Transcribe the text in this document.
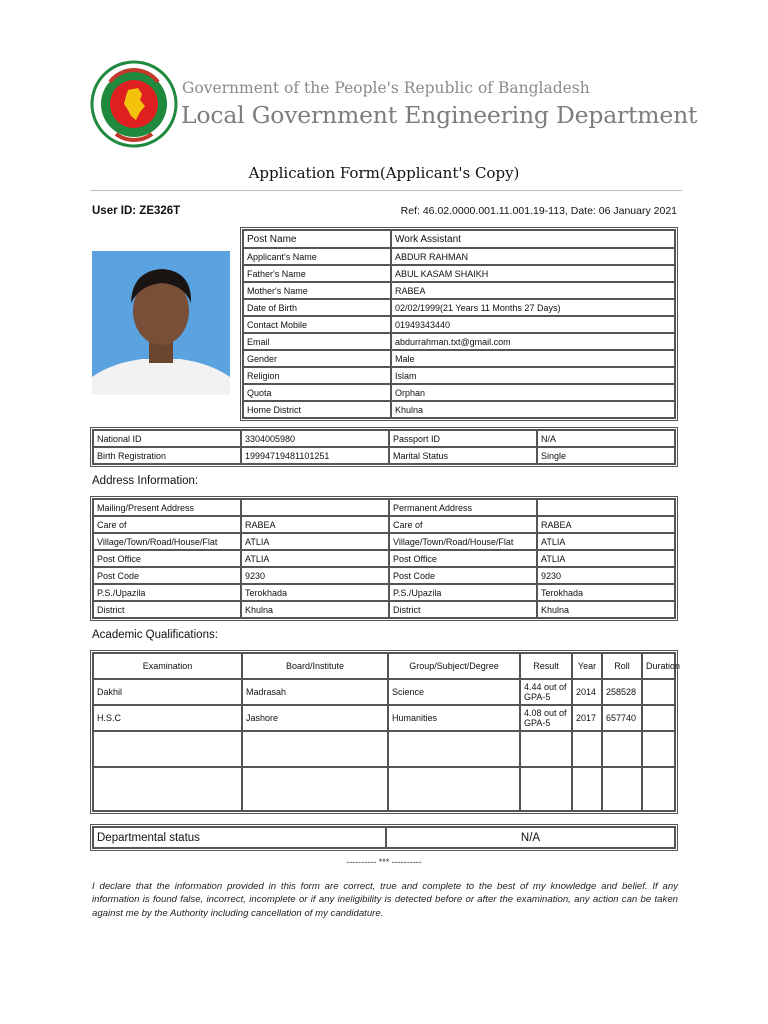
Government of the People's Republic of Bangladesh
Local Government Engineering Department
Application Form(Applicant's Copy)
User ID: ZE326T	Ref: 46.02.0000.001.11.001.19-113, Date: 06 January 2021
Post Name	Work Assistant
Applicant's Name	ABDUR RAHMAN
Father's Name	ABUL KASAM SHAIKH
Mother's Name	RABEA
Date of Birth	02/02/1999(21 Years 11 Months 27 Days)
Contact Mobile	01949343440
Email	abdurrahman.txt@gmail.com
Gender	Male
Religion	Islam
Quota	Orphan
Home District	Khulna
National ID	3304005980	Passport ID	N/A
Birth Registration	19994719481101251	Marital Status	Single
Address Information:
Mailing/Present Address		Permanent Address	
Care of	RABEA	Care of	RABEA
Village/Town/Road/House/Flat	ATLIA	Village/Town/Road/House/Flat	ATLIA
Post Office	ATLIA	Post Office	ATLIA
Post Code	9230	Post Code	9230
P.S./Upazila	Terokhada	P.S./Upazila	Terokhada
District	Khulna	District	Khulna
Academic Qualifications:
Examination	Board/Institute	Group/Subject/Degree	Result	Year	Roll	Duration
Dakhil	Madrasah	Science	4.44 out of GPA-5	2014	258528	
H.S.C	Jashore	Humanities	4.08 out of GPA-5	2017	657740	

Departmental status	N/A
---------- *** ----------
I declare that the information provided in this form are correct, true and complete to the best of my knowledge and belief. If any information is found false, incorrect, incomplete or if any ineligibility is detected before or after the examination, any action can be taken against me by the Authority including cancellation of my candidature.
